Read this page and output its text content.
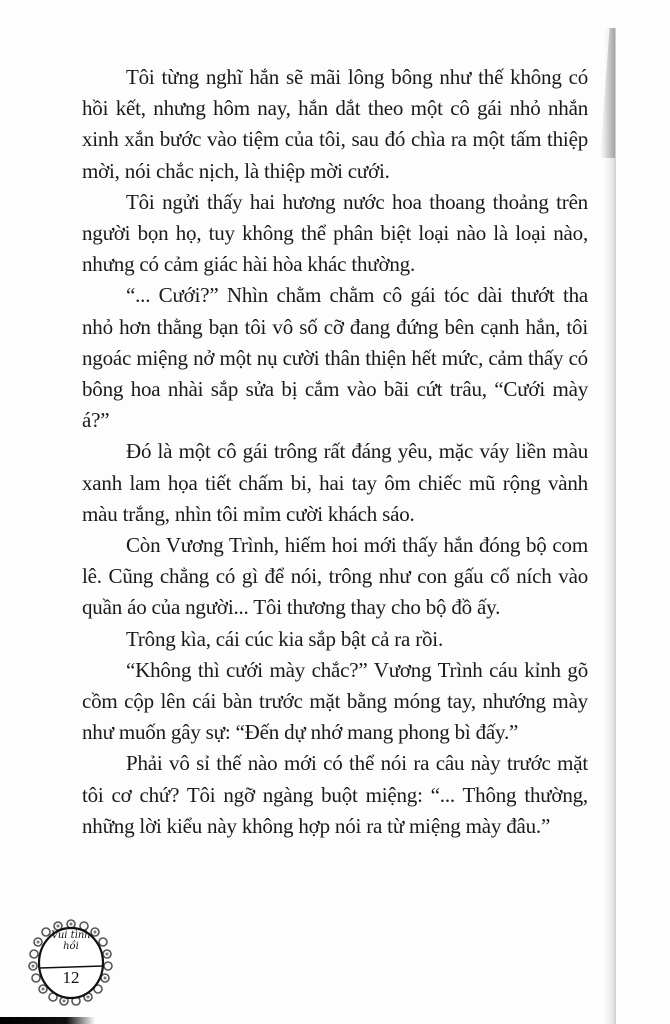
Tôi từng nghĩ hắn sẽ mãi lông bông như thế không có hồi kết, nhưng hôm nay, hắn dắt theo một cô gái nhỏ nhắn xinh xắn bước vào tiệm của tôi, sau đó chìa ra một tấm thiệp mời, nói chắc nịch, là thiệp mời cưới.

Tôi ngửi thấy hai hương nước hoa thoang thoảng trên người bọn họ, tuy không thể phân biệt loại nào là loại nào, nhưng có cảm giác hài hòa khác thường.

“... Cưới?” Nhìn chằm chằm cô gái tóc dài thướt tha nhỏ hơn thằng bạn tôi vô số cỡ đang đứng bên cạnh hắn, tôi ngoác miệng nở một nụ cười thân thiện hết mức, cảm thấy có bông hoa nhài sắp sửa bị cắm vào bãi cứt trâu, “Cưới mày á?”

Đó là một cô gái trông rất đáng yêu, mặc váy liền màu xanh lam họa tiết chấm bi, hai tay ôm chiếc mũ rộng vành màu trắng, nhìn tôi mỉm cười khách sáo.

Còn Vương Trình, hiếm hoi mới thấy hắn đóng bộ com lê. Cũng chẳng có gì để nói, trông như con gấu cố ních vào quần áo của người... Tôi thương thay cho bộ đồ ấy.

Trông kìa, cái cúc kia sắp bật cả ra rồi.

“Không thì cưới mày chắc?” Vương Trình cáu kỉnh gõ cồm cộp lên cái bàn trước mặt bằng móng tay, nhướng mày như muốn gây sự: “Đến dự nhớ mang phong bì đấy.”

Phải vô sỉ thế nào mới có thể nói ra câu này trước mặt tôi cơ chứ? Tôi ngỡ ngàng buột miệng: “... Thông thường, những lời kiểu này không hợp nói ra từ miệng mày đâu.”

Vui tình hồi
12
